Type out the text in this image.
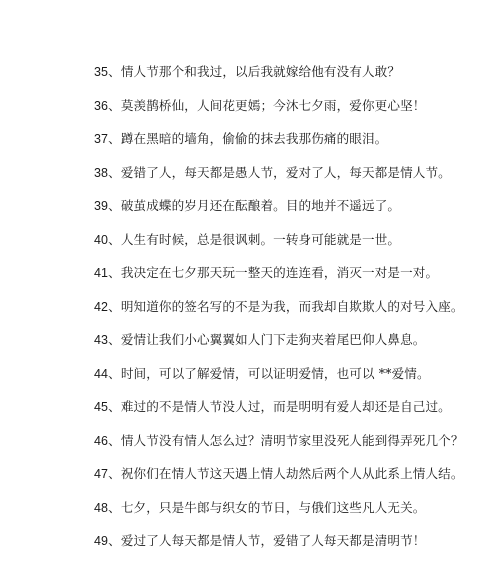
35、情人节那个和我过，以后我就嫁给他有没有人敢？
36、莫羡鹊桥仙，人间花更嫣；今沐七夕雨，爱你更心坚！
37、蹲在黑暗的墙角，偷偷的抹去我那伤痛的眼泪。
38、爱错了人，每天都是愚人节，爱对了人，每天都是情人节。
39、破茧成蝶的岁月还在酝酿着。目的地并不遥远了。
40、人生有时候，总是很讽刺。一转身可能就是一世。
41、我决定在七夕那天玩一整天的连连看，消灭一对是一对。
42、明知道你的签名写的不是为我，而我却自欺欺人的对号入座。
43、爱情让我们小心翼翼如人门下走狗夹着尾巴仰人鼻息。
44、时间，可以了解爱情，可以证明爱情，也可以 **爱情。
45、难过的不是情人节没人过，而是明明有爱人却还是自己过。
46、情人节没有情人怎么过？清明节家里没死人能到得弄死几个？
47、祝你们在情人节这天遇上情人劫然后两个人从此系上情人结。
48、七夕，只是牛郎与织女的节日，与俄们这些凡人无关。
49、爱过了人每天都是情人节，爱错了人每天都是清明节！
